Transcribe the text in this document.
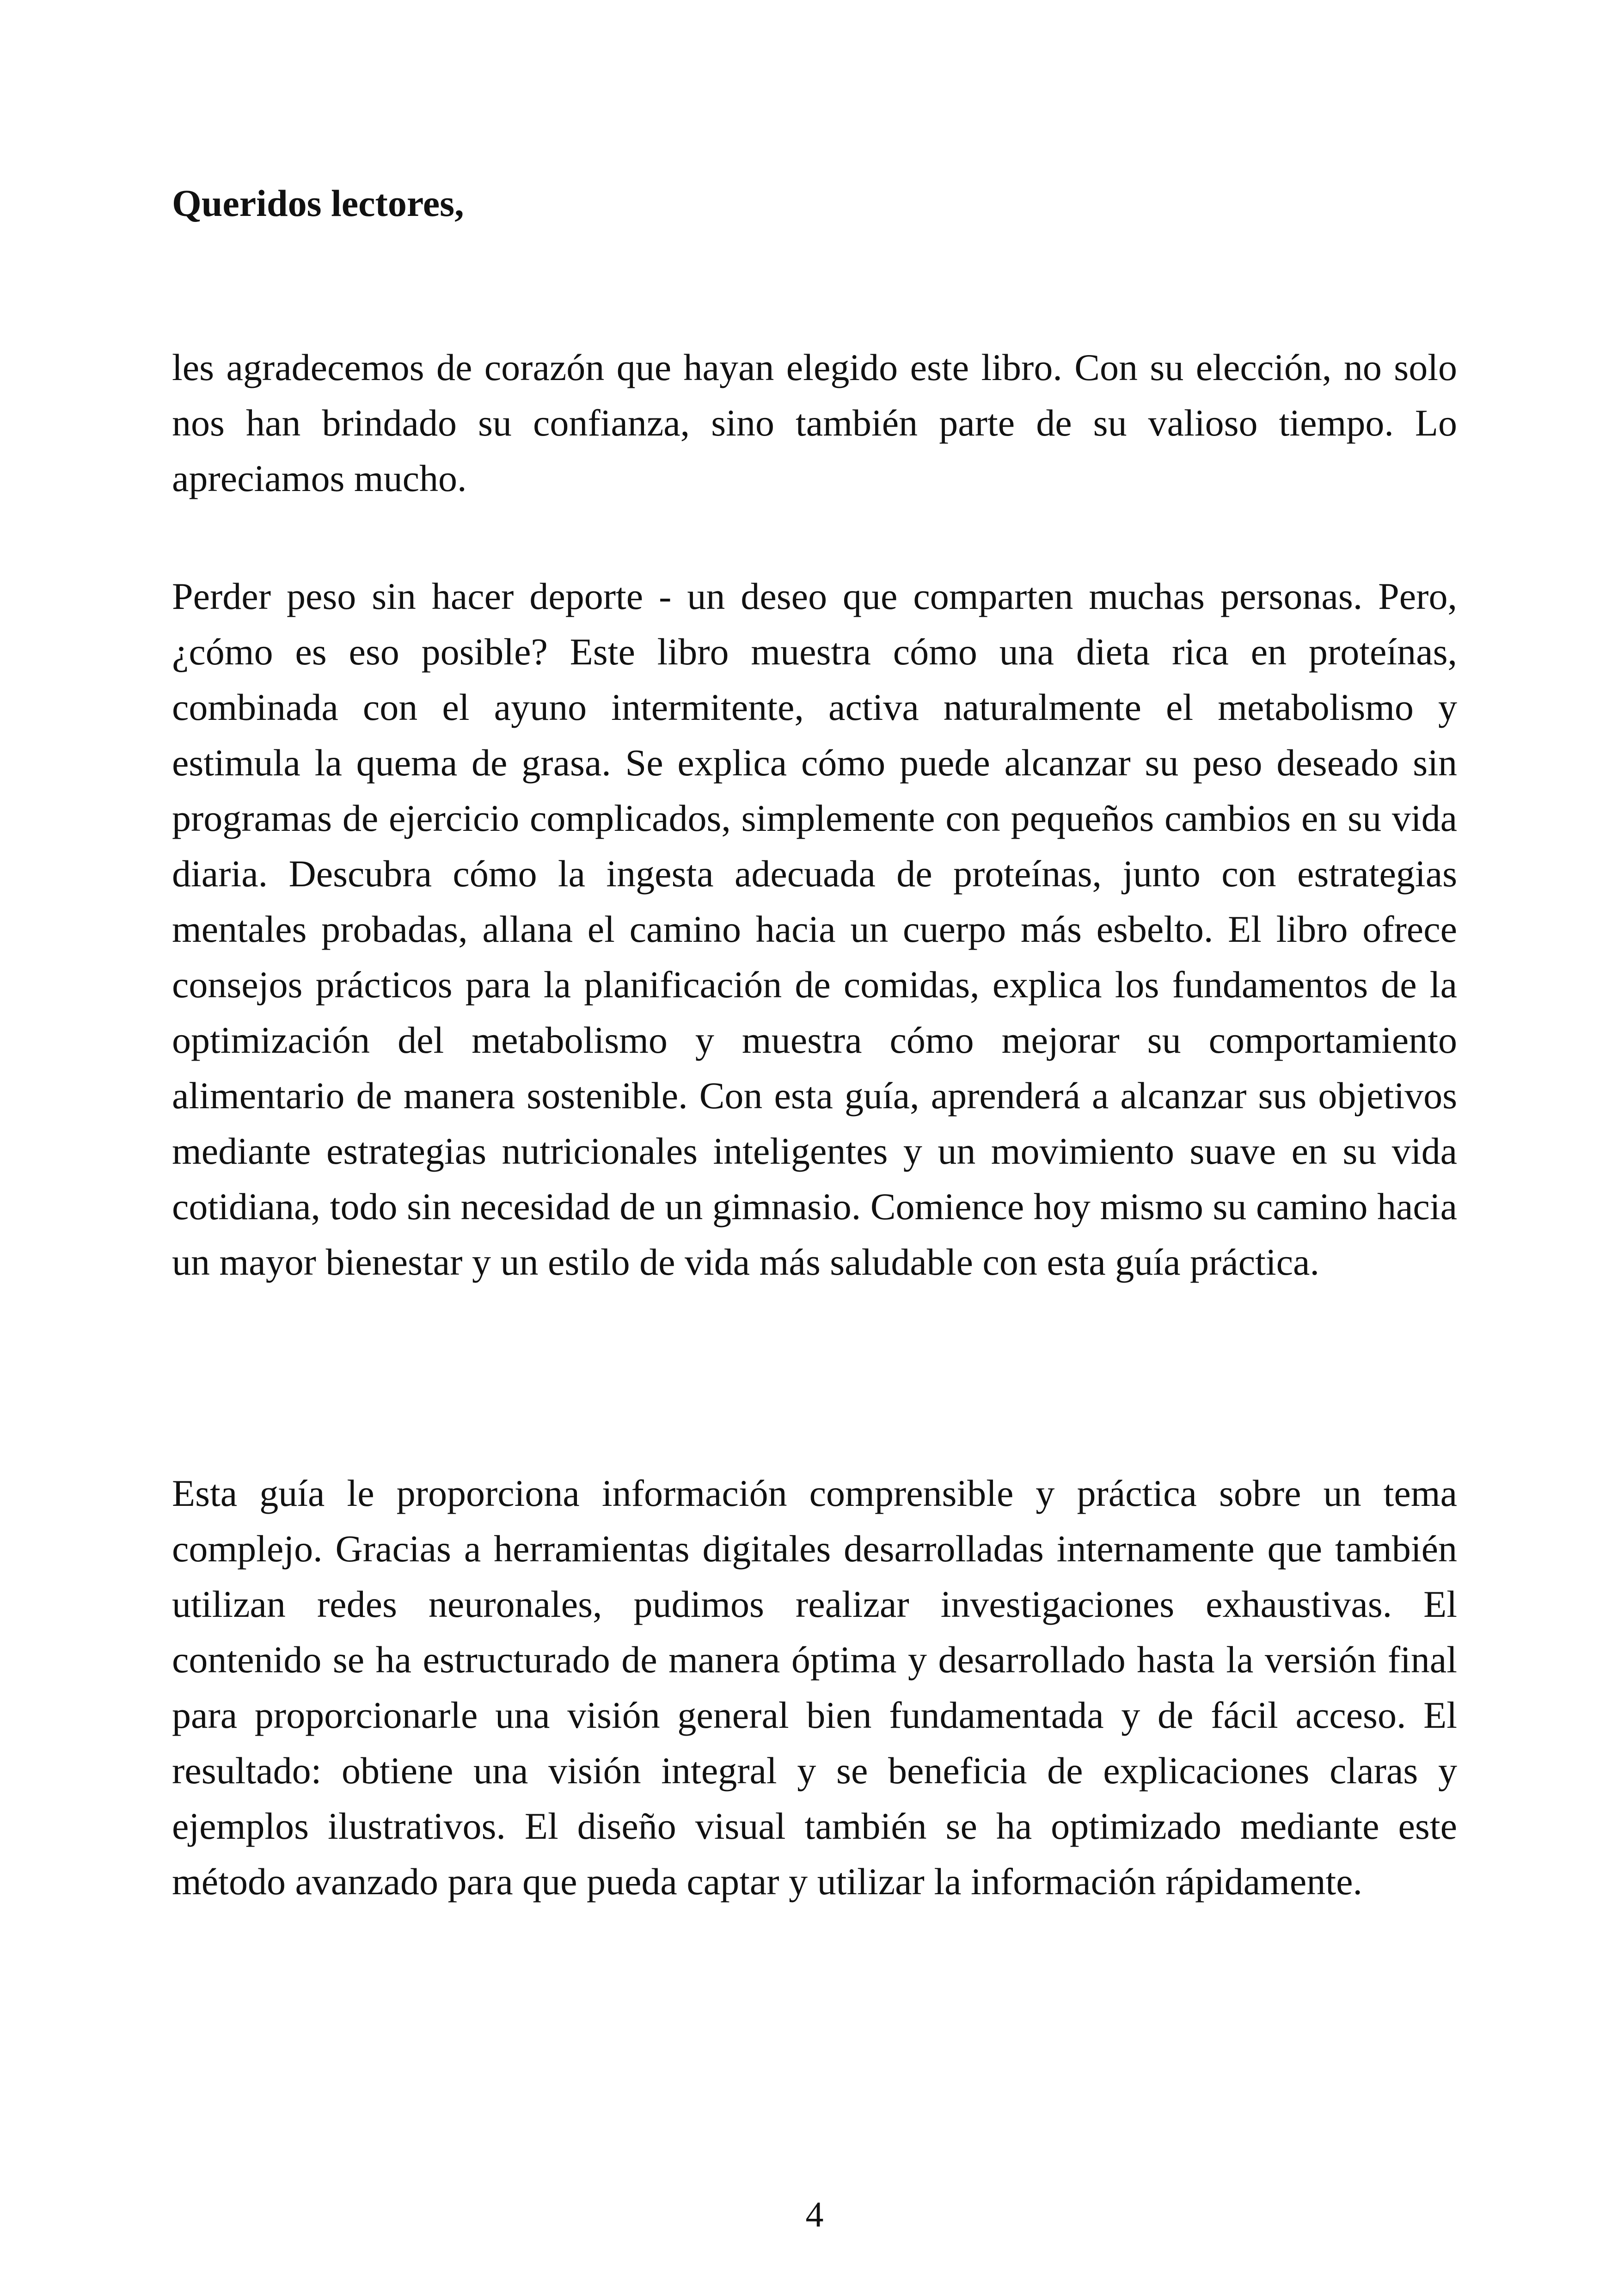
Queridos lectores,

les agradecemos de corazón que hayan elegido este libro. Con su elección, no solo nos han brindado su confianza, sino también parte de su valioso tiempo. Lo apreciamos mucho.

Perder peso sin hacer deporte - un deseo que comparten muchas personas. Pero, ¿cómo es eso posible? Este libro muestra cómo una dieta rica en proteínas, combinada con el ayuno intermitente, activa naturalmente el metabolismo y estimula la quema de grasa. Se explica cómo puede alcanzar su peso deseado sin programas de ejercicio complicados, simplemente con pequeños cambios en su vida diaria. Descubra cómo la ingesta adecuada de proteínas, junto con estrategias mentales probadas, allana el camino hacia un cuerpo más esbelto. El libro ofrece consejos prácticos para la planificación de comidas, explica los fundamentos de la optimización del metabolismo y muestra cómo mejorar su comportamiento alimentario de manera sostenible. Con esta guía, aprenderá a alcanzar sus objetivos mediante estrategias nutricionales inteligentes y un movimiento suave en su vida cotidiana, todo sin necesidad de un gimnasio. Comience hoy mismo su camino hacia un mayor bienestar y un estilo de vida más saludable con esta guía práctica.

Esta guía le proporciona información comprensible y práctica sobre un tema complejo. Gracias a herramientas digitales desarrolladas internamente que también utilizan redes neuronales, pudimos realizar investigaciones exhaustivas. El contenido se ha estructurado de manera óptima y desarrollado hasta la versión final para proporcionarle una visión general bien fundamentada y de fácil acceso. El resultado: obtiene una visión integral y se beneficia de explicaciones claras y ejemplos ilustrativos. El diseño visual también se ha optimizado mediante este método avanzado para que pueda captar y utilizar la información rápidamente.

4
